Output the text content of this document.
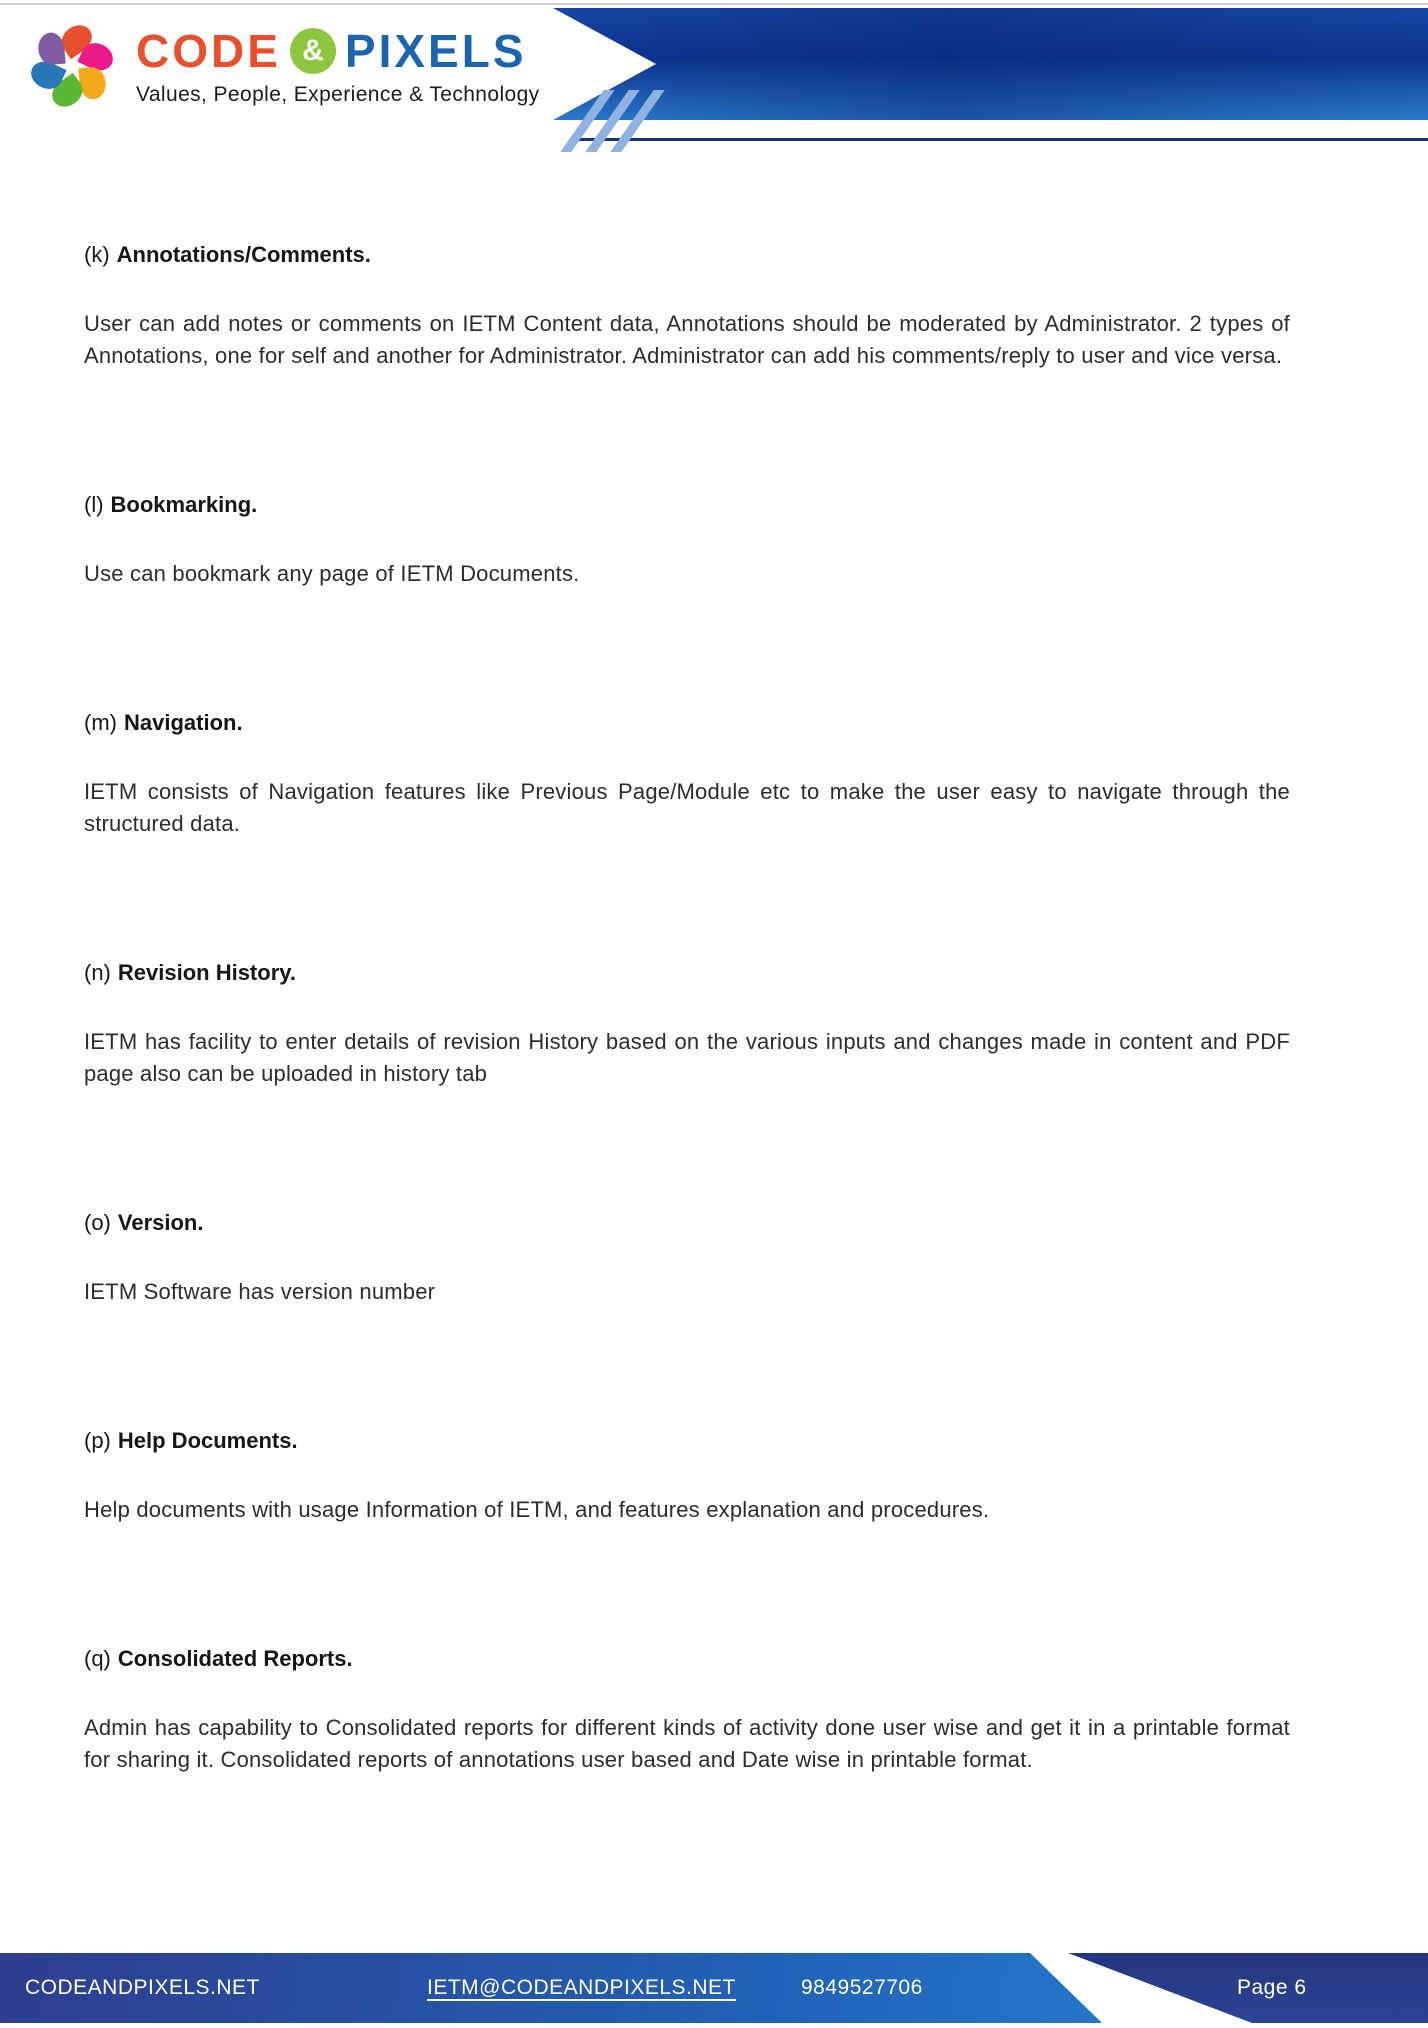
CODE & PIXELS
Values, People, Experience & Technology
(k) Annotations/Comments.

User can add notes or comments on IETM Content data, Annotations should be moderated by Administrator. 2 types of Annotations, one for self and another for Administrator. Administrator can add his comments/reply to user and vice versa.

(l) Bookmarking.

Use can bookmark any page of IETM Documents.

(m) Navigation.

IETM consists of Navigation features like Previous Page/Module etc to make the user easy to navigate through the structured data.

(n) Revision History.

IETM has facility to enter details of revision History based on the various inputs and changes made in content and PDF page also can be uploaded in history tab

(o) Version.

IETM Software has version number

(p) Help Documents.

Help documents with usage Information of IETM, and features explanation and procedures.

(q) Consolidated Reports.

Admin has capability to Consolidated reports for different kinds of activity done user wise and get it in a printable format for sharing it. Consolidated reports of annotations user based and Date wise in printable format.

CODEANDPIXELS.NET	IETM@CODEANDPIXELS.NET	9849527706	Page 6
